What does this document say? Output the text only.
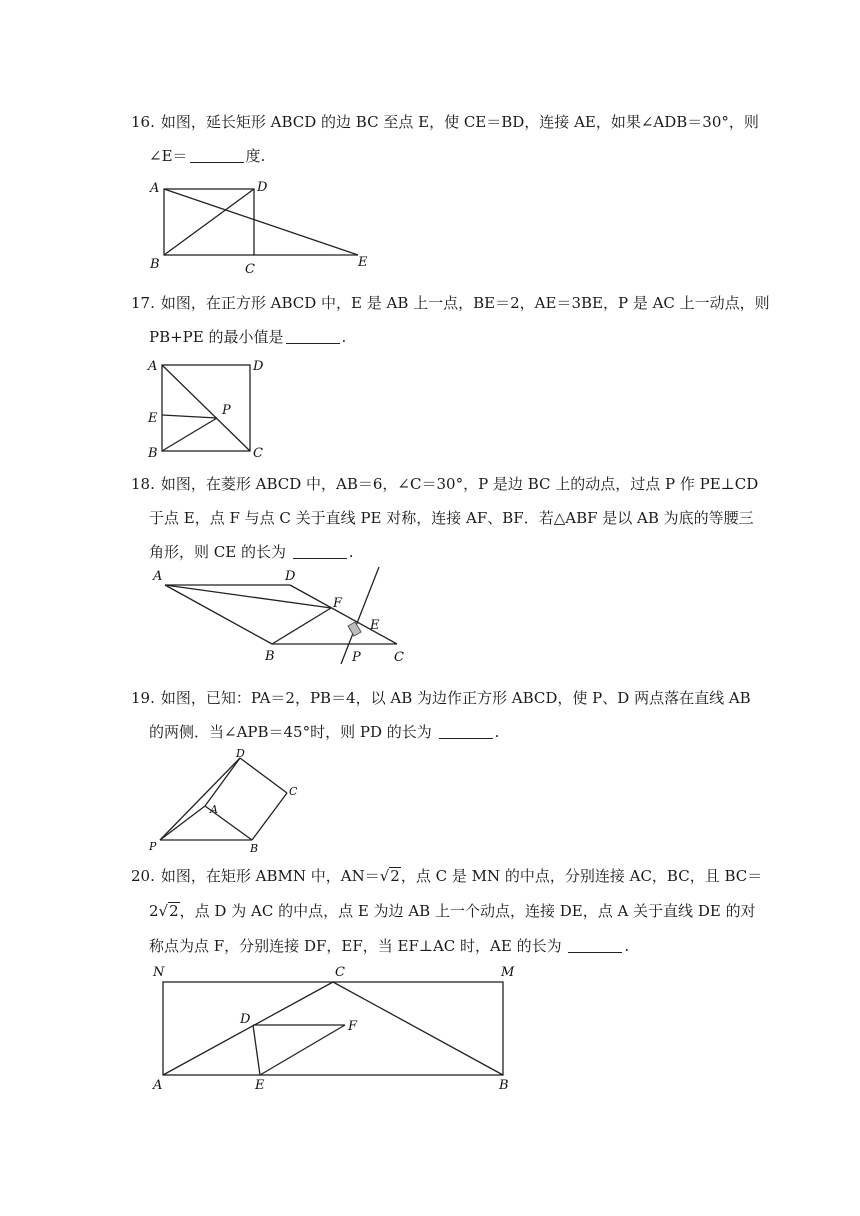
16. 如图，延长矩形 ABCD 的边 BC 至点 E，使 CE＝BD，连接 AE，如果∠ADB＝30°，则
∠E＝	度.
A	D
B	C	E
17. 如图，在正方形 ABCD 中，E 是 AB 上一点，BE＝2，AE＝3BE，P 是 AC 上一动点，则
PB+PE 的最小值是	.
A	D
E
P
B	C
18. 如图，在菱形 ABCD 中，AB＝6，∠C＝30°，P 是边 BC 上的动点，过点 P 作 PE⊥CD
于点 E，点 F 与点 C 关于直线 PE 对称，连接 AF、BF．若△ABF 是以 AB 为底的等腰三
角形，则 CE 的长为	.
A	D
F
E
B	P	C
19. 如图，已知：PA＝2，PB＝4，以 AB 为边作正方形 ABCD，使 P、D 两点落在直线 AB
的两侧．当∠APB＝45°时，则 PD 的长为	.
D
C
A
P	B
20. 如图，在矩形 ABMN 中，AN＝√2，点 C 是 MN 的中点，分别连接 AC，BC，且 BC＝
2√2，点 D 为 AC 的中点，点 E 为边 AB 上一个动点，连接 DE，点 A 关于直线 DE 的对
称点为点 F，分别连接 DF，EF，当 EF⊥AC 时，AE 的长为	.
N	C	M
D	F
A	E	B
